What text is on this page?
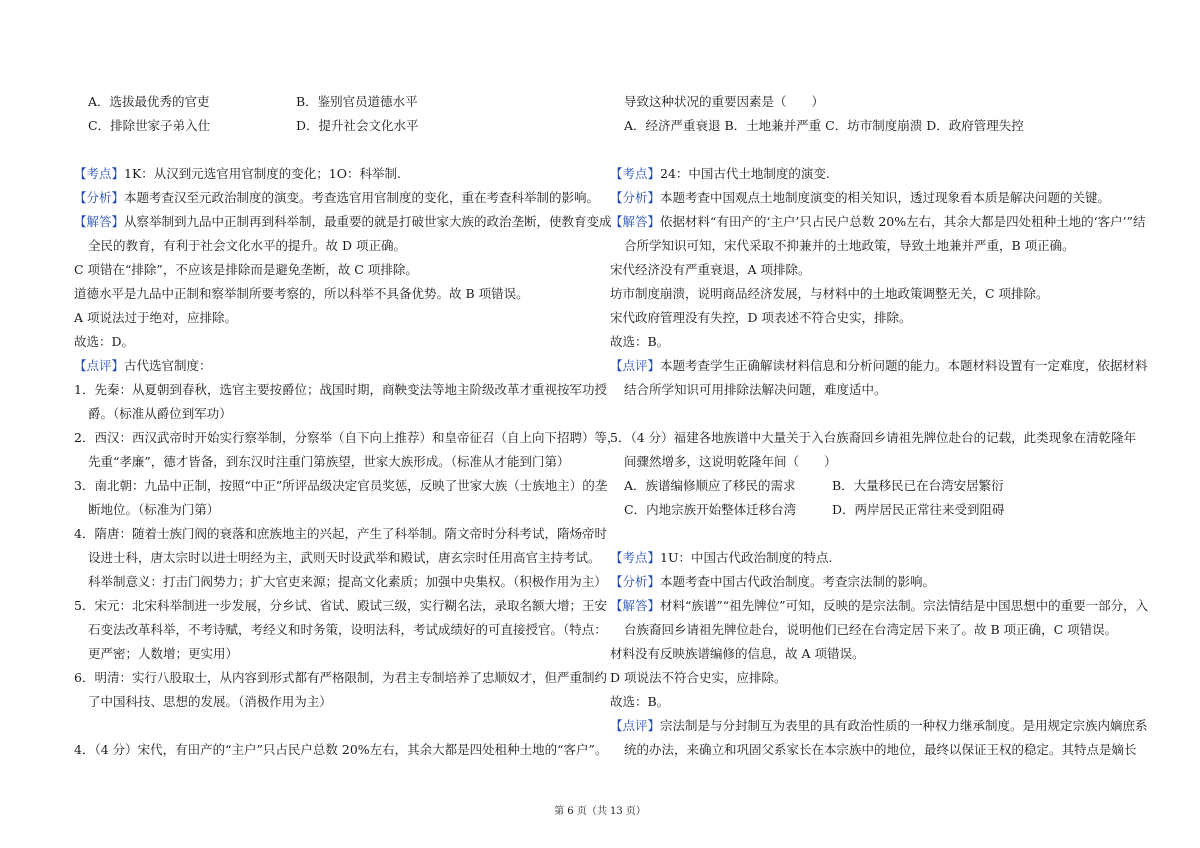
A．选拔最优秀的官吏	B．鉴别官员道德水平
C．排除世家子弟入仕	D．提升社会文化水平
【考点】1K：从汉到元选官用官制度的变化；1O：科举制.
【分析】本题考查汉至元政治制度的演变。考查选官用官制度的变化，重在考查科举制的影响。
【解答】从察举制到九品中正制再到科举制，最重要的就是打破世家大族的政治垄断，使教育变成
全民的教育，有利于社会文化水平的提升。故 D 项正确。
C 项错在“排除”，不应该是排除而是避免垄断，故 C 项排除。
道德水平是九品中正制和察举制所要考察的，所以科举不具备优势。故 B 项错误。
A 项说法过于绝对，应排除。
故选：D。
【点评】古代选官制度：
1．先秦：从夏朝到春秋，选官主要按爵位；战国时期，商鞅变法等地主阶级改革才重视按军功授
爵。（标准从爵位到军功）
2．西汉：西汉武帝时开始实行察举制，分察举（自下向上推荐）和皇帝征召（自上向下招聘）等，
先重“孝廉”，德才皆备，到东汉时注重门第族望，世家大族形成。（标准从才能到门第）
3．南北朝：九品中正制，按照“中正”所评品级决定官员奖惩，反映了世家大族（士族地主）的垄
断地位。（标准为门第）
4．隋唐：随着士族门阀的衰落和庶族地主的兴起，产生了科举制。隋文帝时分科考试，隋炀帝时
设进士科，唐太宗时以进士明经为主，武则天时设武举和殿试，唐玄宗时任用高官主持考试。
科举制意义：打击门阀势力；扩大官吏来源；提高文化素质；加强中央集权。（积极作用为主）
5．宋元：北宋科举制进一步发展，分乡试、省试、殿试三级，实行糊名法，录取名额大增；王安
石变法改革科举，不考诗赋，考经义和时务策，设明法科，考试成绩好的可直接授官。（特点：
更严密；人数增；更实用）
6．明清：实行八股取士，从内容到形式都有严格限制，为君主专制培养了忠顺奴才，但严重制约
了中国科技、思想的发展。（消极作用为主）
4．（4 分）宋代，有田产的“主户”只占民户总数 20%左右，其余大都是四处租种土地的“客户”。
导致这种状况的重要因素是（　　）
A．经济严重衰退 B．土地兼并严重 C．坊市制度崩溃 D．政府管理失控
【考点】24：中国古代土地制度的演变.
【分析】本题考查中国观点土地制度演变的相关知识，透过现象看本质是解决问题的关键。
【解答】依据材料“有田产的‘主户’只占民户总数 20%左右，其余大都是四处租种土地的‘客户’”结
合所学知识可知，宋代采取不抑兼并的土地政策，导致土地兼并严重，B 项正确。
宋代经济没有严重衰退，A 项排除。
坊市制度崩溃，说明商品经济发展，与材料中的土地政策调整无关，C 项排除。
宋代政府管理没有失控，D 项表述不符合史实，排除。
故选：B。
【点评】本题考查学生正确解读材料信息和分析问题的能力。本题材料设置有一定难度，依据材料
结合所学知识可用排除法解决问题，难度适中。
5．（4 分）福建各地族谱中大量关于入台族裔回乡请祖先牌位赴台的记载，此类现象在清乾隆年
间骤然增多，这说明乾隆年间（　　）
A．族谱编修顺应了移民的需求	B．大量移民已在台湾安居繁衍
C．内地宗族开始整体迁移台湾	D．两岸居民正常往来受到阻碍
【考点】1U：中国古代政治制度的特点.
【分析】本题考查中国古代政治制度。考查宗法制的影响。
【解答】材料“族谱”“祖先牌位”可知，反映的是宗法制。宗法情结是中国思想中的重要一部分，入
台族裔回乡请祖先牌位赴台，说明他们已经在台湾定居下来了。故 B 项正确，C 项错误。
材料没有反映族谱编修的信息，故 A 项错误。
D 项说法不符合史实，应排除。
故选：B。
【点评】宗法制是与分封制互为表里的具有政治性质的一种权力继承制度。是用规定宗族内嫡庶系
统的办法，来确立和巩固父系家长在本宗族中的地位，最终以保证王权的稳定。其特点是嫡长
第 6 页（共 13 页）
